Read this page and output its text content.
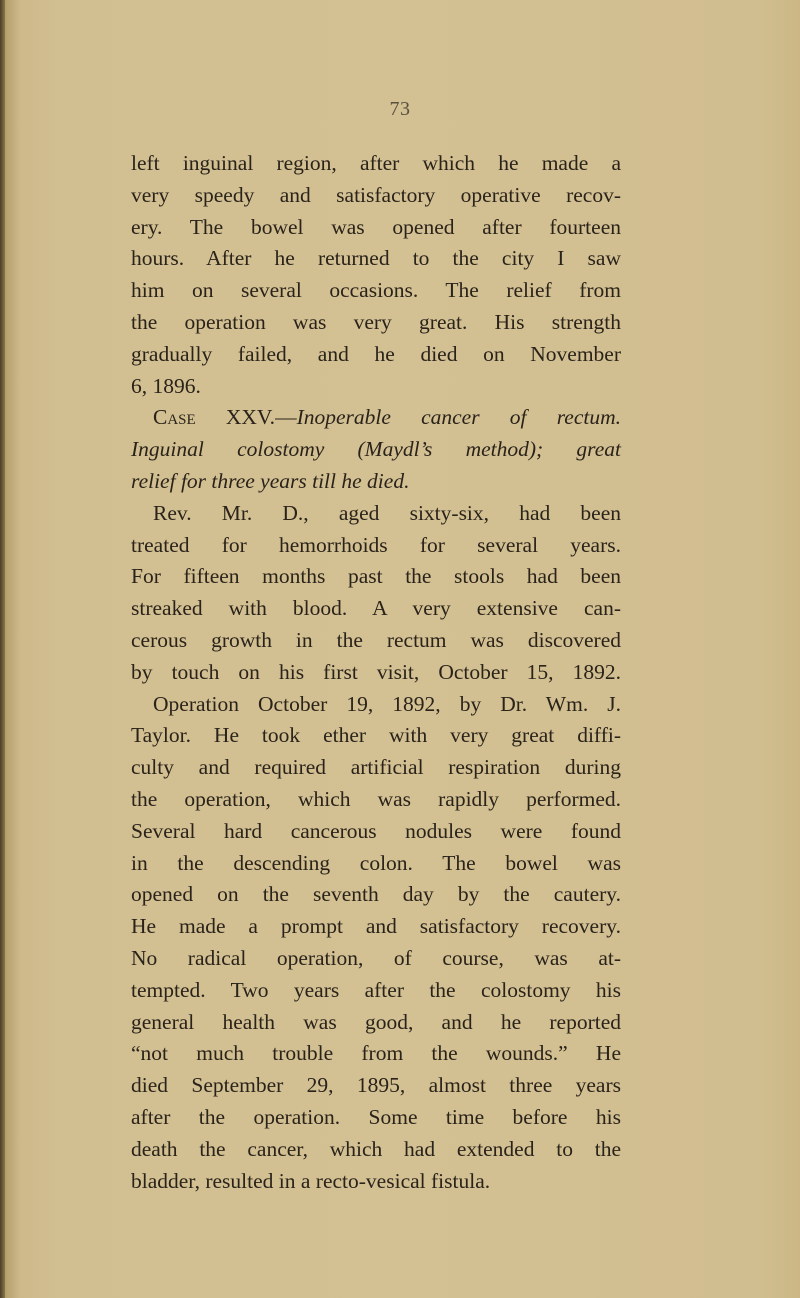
73
left inguinal region, after which he made a
very speedy and satisfactory operative recov-
ery. The bowel was opened after fourteen
hours. After he returned to the city I saw
him on several occasions. The relief from
the operation was very great. His strength
gradually failed, and he died on November
6, 1896.
Case XXV.—Inoperable cancer of rectum.
Inguinal colostomy (Maydl’s method); great
relief for three years till he died.
Rev. Mr. D., aged sixty-six, had been
treated for hemorrhoids for several years.
For fifteen months past the stools had been
streaked with blood. A very extensive can-
cerous growth in the rectum was discovered
by touch on his first visit, October 15, 1892.
Operation October 19, 1892, by Dr. Wm. J.
Taylor. He took ether with very great diffi-
culty and required artificial respiration during
the operation, which was rapidly performed.
Several hard cancerous nodules were found
in the descending colon. The bowel was
opened on the seventh day by the cautery.
He made a prompt and satisfactory recovery.
No radical operation, of course, was at-
tempted. Two years after the colostomy his
general health was good, and he reported
“not much trouble from the wounds.” He
died September 29, 1895, almost three years
after the operation. Some time before his
death the cancer, which had extended to the
bladder, resulted in a recto-vesical fistula.
